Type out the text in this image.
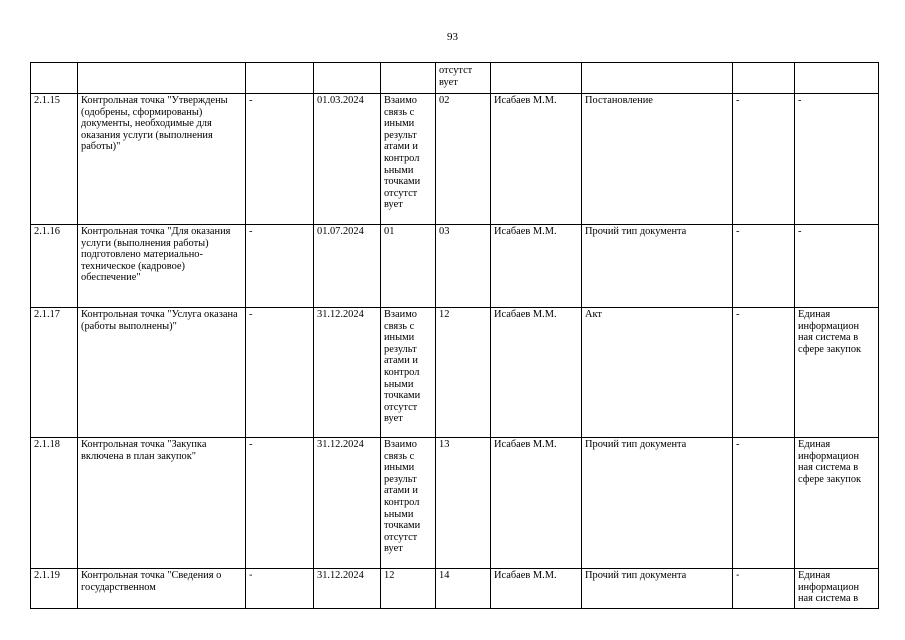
93
					отсутст вует				
2.1.15	Контрольная точка "Утверждены (одобрены, сформированы) документы, необходимые для оказания услуги (выполнения работы)"	-	01.03.2024	Взаимо связь с иными результ атами и контрол ьными точками отсутст вует	02	Исабаев М.М.	Постановление	-	-
2.1.16	Контрольная точка "Для оказания услуги (выполнения работы) подготовлено материально-техническое (кадровое) обеспечение"	-	01.07.2024	01	03	Исабаев М.М.	Прочий тип документа	-	-
2.1.17	Контрольная точка "Услуга оказана (работы выполнены)"	-	31.12.2024	Взаимо связь с иными результ атами и контрол ьными точками отсутст вует	12	Исабаев М.М.	Акт	-	Единая информацион ная система в сфере закупок
2.1.18	Контрольная точка "Закупка включена в план закупок"	-	31.12.2024	Взаимо связь с иными результ атами и контрол ьными точками отсутст вует	13	Исабаев М.М.	Прочий тип документа	-	Единая информацион ная система в сфере закупок
2.1.19	Контрольная точка "Сведения о государственном	-	31.12.2024	12	14	Исабаев М.М.	Прочий тип документа	-	Единая информацион ная система в
